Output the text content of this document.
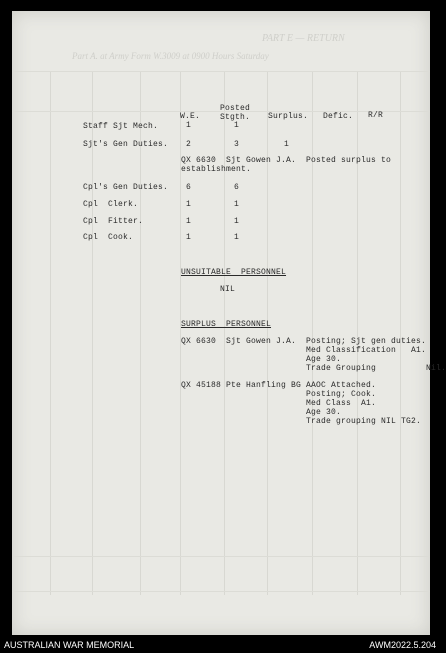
PART E — RETURN
Part A. at Army Form W.3009 at 0900 Hours Saturday
W.E.
Posted
Stgth. Surplus. Defic. R/R
Staff Sjt Mech.	1	1
Sjt's Gen Duties. 2	3	1
QX 6630  Sjt Gowen J.A.  Posted surplus to
establishment.
Cpl's Gen Duties. 6	6
Cpl  Clerk.	1	1
Cpl  Fitter.	1	1
Cpl  Cook.	1	1
UNSUITABLE  PERSONNEL
NIL
SURPLUS  PERSONNEL
QX 6630  Sjt Gowen J.A. Posting; Sjt gen duties.
Med Classification   A1.
Age 30.
Trade Grouping          Nil.
QX 45188 Pte Hanfling BG AAOC Attached.
Posting; Cook.
Med Class  A1.
Age 30.
Trade grouping NIL TG2.
AUSTRALIAN WAR MEMORIAL	AWM2022.5.204
